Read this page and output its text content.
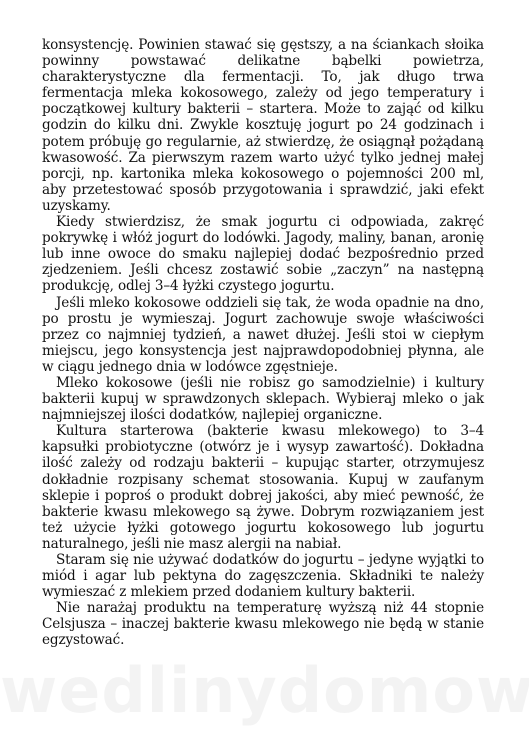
konsystencję. Powinien stawać się gęstszy, a na ściankach słoika powinny powstawać delikatne bąbelki powietrza, charakterystyczne dla fermentacji. To, jak długo trwa fermentacja mleka kokosowego, zależy od jego temperatury i początkowej kultury bakterii – startera. Może to zająć od kilku godzin do kilku dni. Zwykle kosztuję jogurt po 24 godzinach i potem próbuję go regularnie, aż stwierdzę, że osiągnął pożądaną kwasowość. Za pierwszym razem warto użyć tylko jednej małej porcji, np. kartonika mleka kokosowego o pojemności 200 ml, aby przetestować sposób przygotowania i sprawdzić, jaki efekt uzyskamy.

Kiedy stwierdzisz, że smak jogurtu ci odpowiada, zakręć pokrywkę i włóż jogurt do lodówki. Jagody, maliny, banan, aronię lub inne owoce do smaku najlepiej dodać bezpośrednio przed zjedzeniem. Jeśli chcesz zostawić sobie „zaczyn” na następną produkcję, odlej 3–4 łyżki czystego jogurtu.

Jeśli mleko kokosowe oddzieli się tak, że woda opadnie na dno, po prostu je wymieszaj. Jogurt zachowuje swoje właściwości przez co najmniej tydzień, a nawet dłużej. Jeśli stoi w ciepłym miejscu, jego konsystencja jest najprawdopodobniej płynna, ale w ciągu jednego dnia w lodówce zgęstnieje.

Mleko kokosowe (jeśli nie robisz go samodzielnie) i kultury bakterii kupuj w sprawdzonych sklepach. Wybieraj mleko o jak najmniejszej ilości dodatków, najlepiej organiczne.

Kultura starterowa (bakterie kwasu mlekowego) to 3–4 kapsułki probiotyczne (otwórz je i wysyp zawartość). Dokładna ilość zależy od rodzaju bakterii – kupując starter, otrzymujesz dokładnie rozpisany schemat stosowania. Kupuj w zaufanym sklepie i poproś o produkt dobrej jakości, aby mieć pewność, że bakterie kwasu mlekowego są żywe. Dobrym rozwiązaniem jest też użycie łyżki gotowego jogurtu kokosowego lub jogurtu naturalnego, jeśli nie masz alergii na nabiał.

Staram się nie używać dodatków do jogurtu – jedyne wyjątki to miód i agar lub pektyna do zagęszczenia. Składniki te należy wymieszać z mlekiem przed dodaniem kultury bakterii.

Nie narażaj produktu na temperaturę wyższą niż 44 stopnie Celsjusza – inaczej bakterie kwasu mlekowego nie będą w stanie egzystować.
